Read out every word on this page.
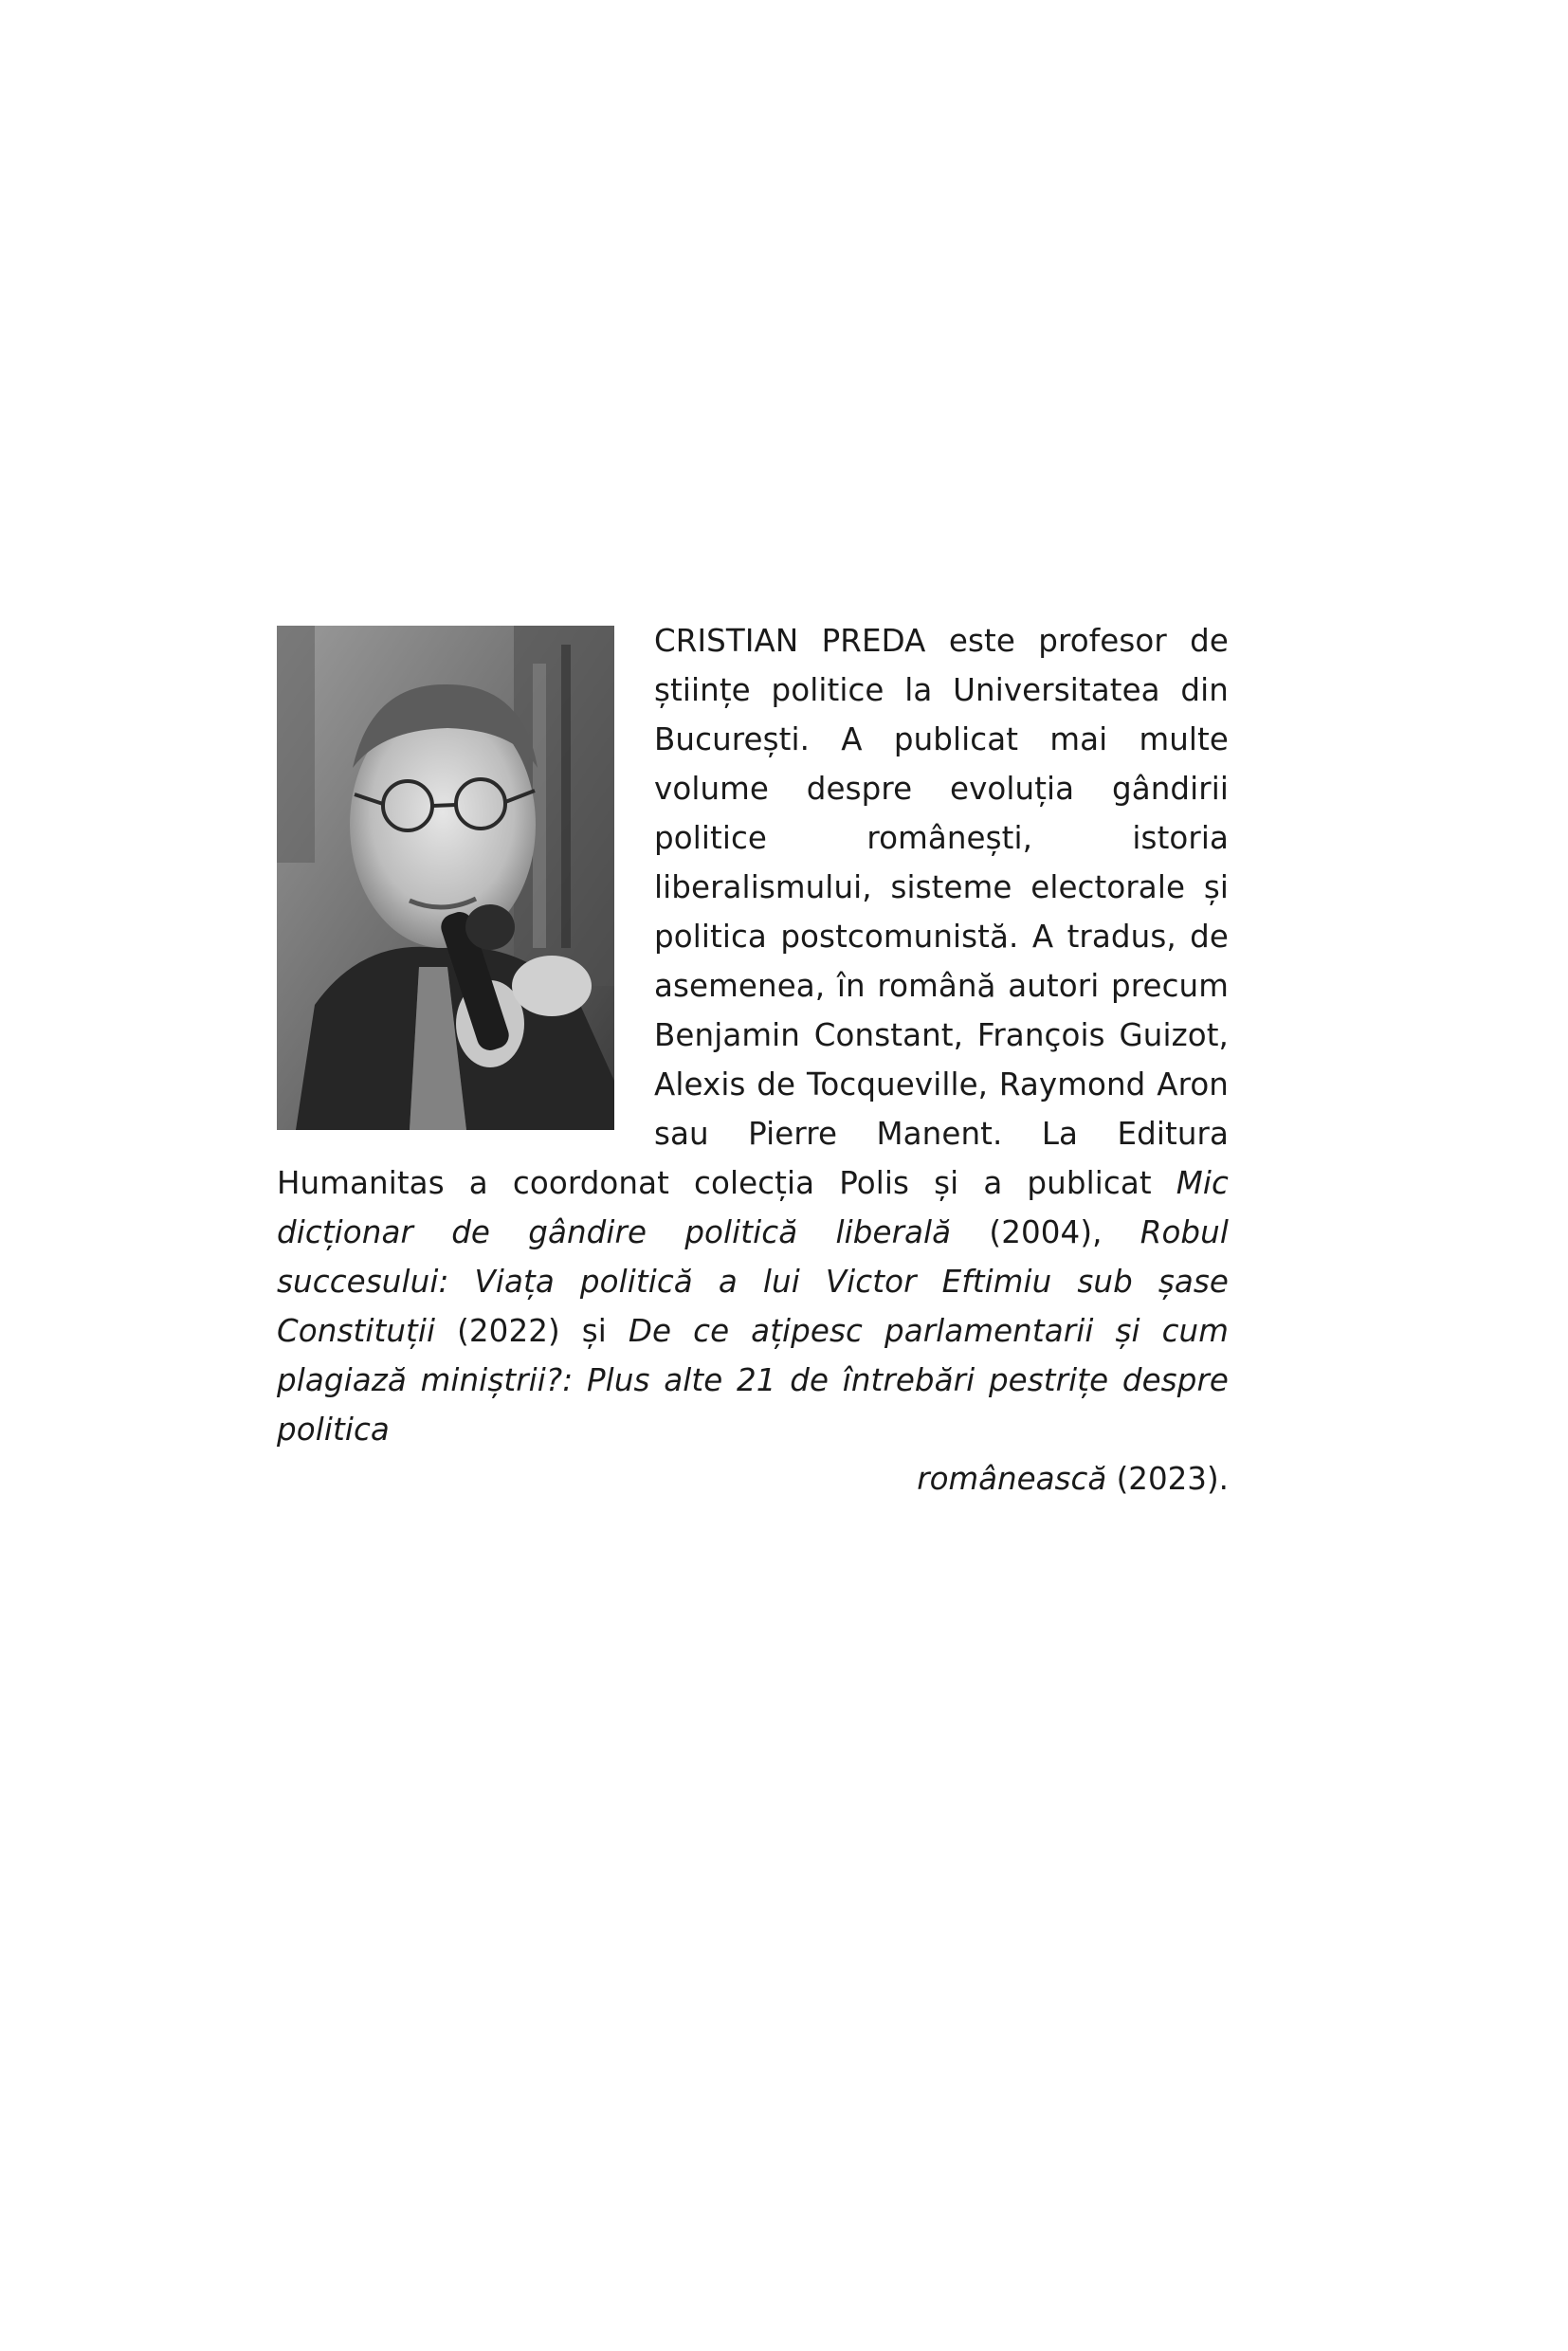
CRISTIAN PREDA este profesor de științe politice la Universitatea din București. A publicat mai multe volume despre evoluția gândirii politice românești, istoria liberalismului, sisteme electorale și politica postcomunistă. A tradus, de asemenea, în română autori precum Benjamin Constant, François Guizot, Alexis de Tocqueville, Raymond Aron sau Pierre Manent. La Editura Humanitas a coordonat colecția Polis și a publicat Mic dicționar de gândire politică liberală (2004), Robul succesului: Viața politică a lui Victor Eftimiu sub șase Constituții (2022) și De ce ațipesc parlamentarii și cum plagiază miniștrii?: Plus alte 21 de întrebări pestrițe despre politica

românească (2023).
